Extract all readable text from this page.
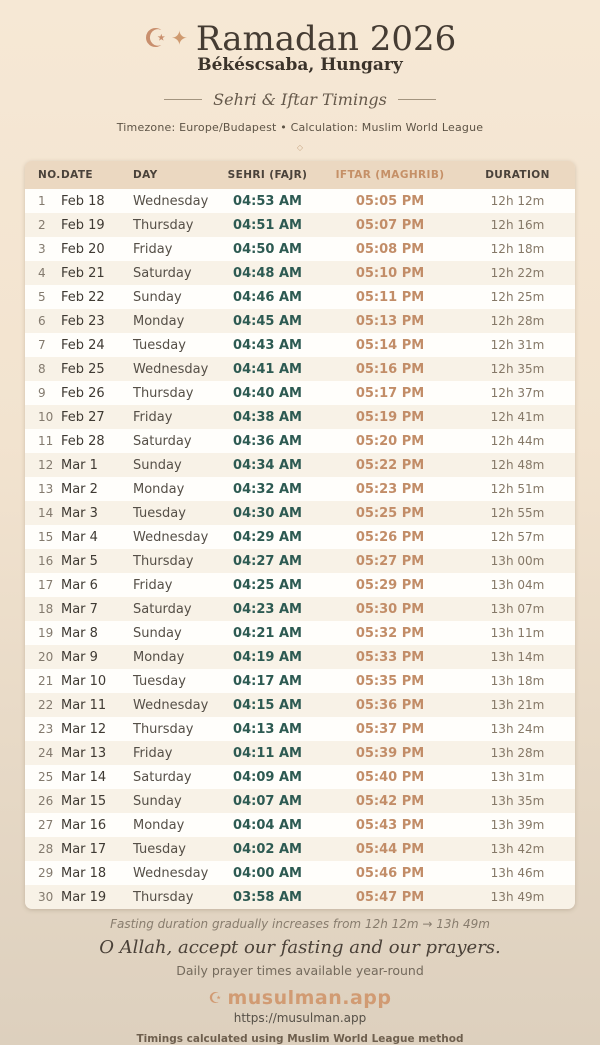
☪ ✦ Ramadan 2026
Békéscsaba, Hungary
Sehri & Iftar Timings
Timezone: Europe/Budapest • Calculation: Muslim World League
◇
NO.	DATE	DAY	SEHRI (FAJR)	IFTAR (MAGHRIB)	DURATION
1	Feb 18	Wednesday	04:53 AM	05:05 PM	12h 12m
2	Feb 19	Thursday	04:51 AM	05:07 PM	12h 16m
3	Feb 20	Friday	04:50 AM	05:08 PM	12h 18m
4	Feb 21	Saturday	04:48 AM	05:10 PM	12h 22m
5	Feb 22	Sunday	04:46 AM	05:11 PM	12h 25m
6	Feb 23	Monday	04:45 AM	05:13 PM	12h 28m
7	Feb 24	Tuesday	04:43 AM	05:14 PM	12h 31m
8	Feb 25	Wednesday	04:41 AM	05:16 PM	12h 35m
9	Feb 26	Thursday	04:40 AM	05:17 PM	12h 37m
10	Feb 27	Friday	04:38 AM	05:19 PM	12h 41m
11	Feb 28	Saturday	04:36 AM	05:20 PM	12h 44m
12	Mar 1	Sunday	04:34 AM	05:22 PM	12h 48m
13	Mar 2	Monday	04:32 AM	05:23 PM	12h 51m
14	Mar 3	Tuesday	04:30 AM	05:25 PM	12h 55m
15	Mar 4	Wednesday	04:29 AM	05:26 PM	12h 57m
16	Mar 5	Thursday	04:27 AM	05:27 PM	13h 00m
17	Mar 6	Friday	04:25 AM	05:29 PM	13h 04m
18	Mar 7	Saturday	04:23 AM	05:30 PM	13h 07m
19	Mar 8	Sunday	04:21 AM	05:32 PM	13h 11m
20	Mar 9	Monday	04:19 AM	05:33 PM	13h 14m
21	Mar 10	Tuesday	04:17 AM	05:35 PM	13h 18m
22	Mar 11	Wednesday	04:15 AM	05:36 PM	13h 21m
23	Mar 12	Thursday	04:13 AM	05:37 PM	13h 24m
24	Mar 13	Friday	04:11 AM	05:39 PM	13h 28m
25	Mar 14	Saturday	04:09 AM	05:40 PM	13h 31m
26	Mar 15	Sunday	04:07 AM	05:42 PM	13h 35m
27	Mar 16	Monday	04:04 AM	05:43 PM	13h 39m
28	Mar 17	Tuesday	04:02 AM	05:44 PM	13h 42m
29	Mar 18	Wednesday	04:00 AM	05:46 PM	13h 46m
30	Mar 19	Thursday	03:58 AM	05:47 PM	13h 49m
Fasting duration gradually increases from 12h 12m → 13h 49m
O Allah, accept our fasting and our prayers.
Daily prayer times available year-round
☪ musulman.app
https://musulman.app
Timings calculated using Muslim World League method
